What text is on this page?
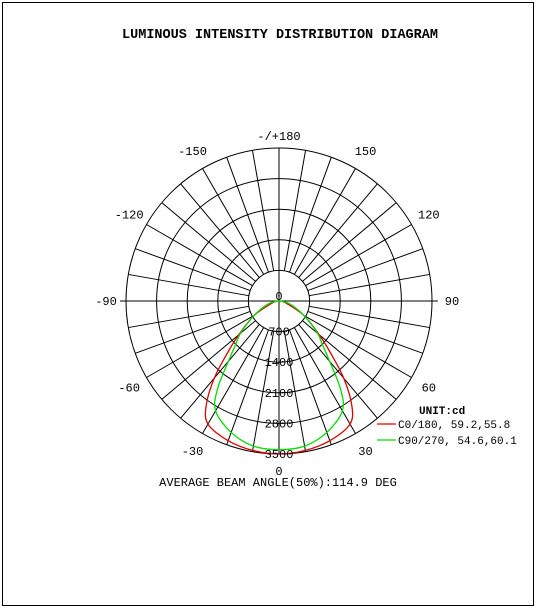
LUMINOUS INTENSITY DISTRIBUTION DIAGRAM
-/+180
-150	150
-120	120
-90	90
-60	60
-30	30
0
0
700
1400
2100
2800
3500
UNIT:cd
C0/180, 59.2,55.8
C90/270, 54.6,60.1
AVERAGE BEAM ANGLE(50%):114.9 DEG
